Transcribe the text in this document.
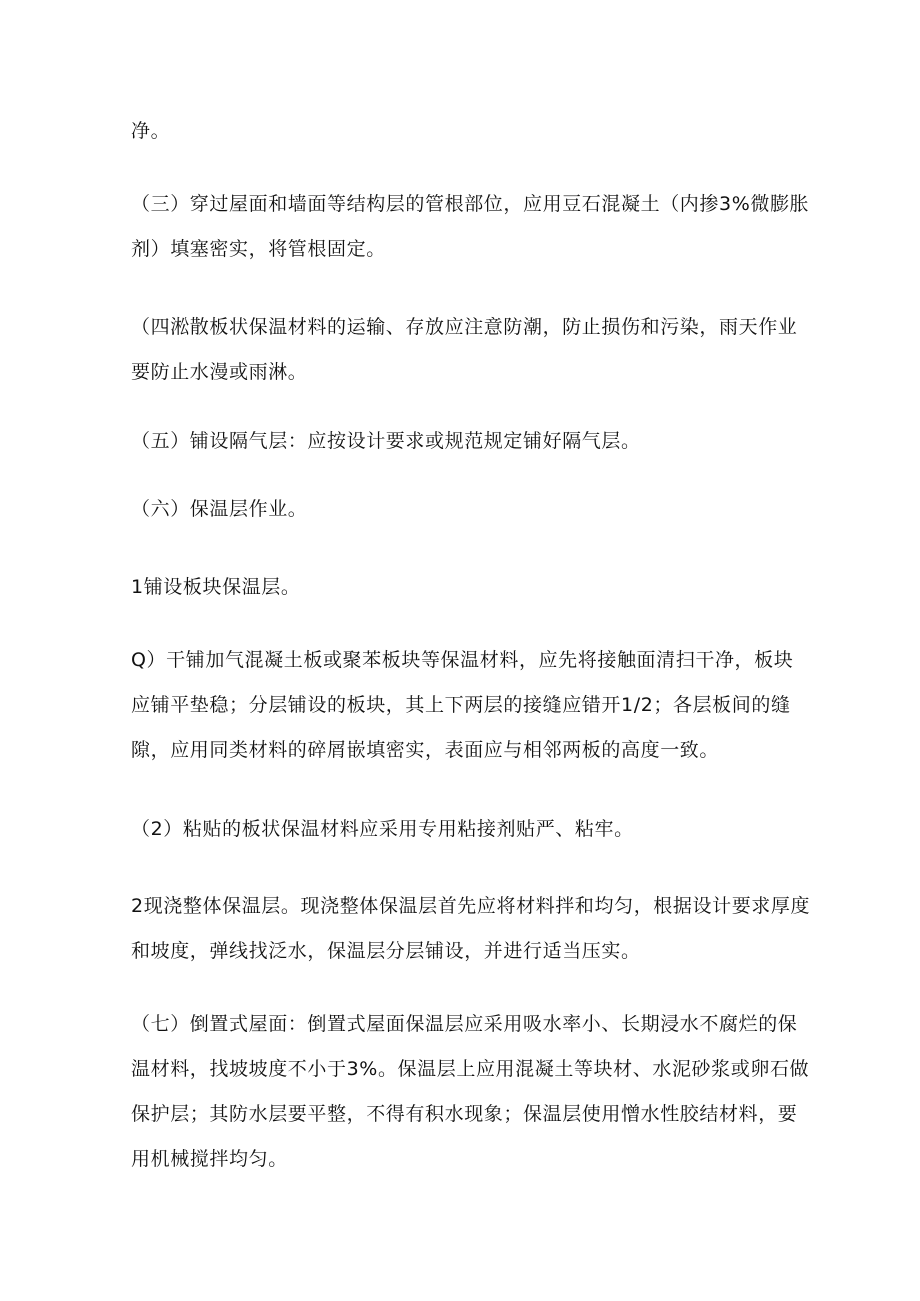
净。

（三）穿过屋面和墙面等结构层的管根部位，应用豆石混凝土（内掺3%微膨胀剂）填塞密实，将管根固定。

（四淞散板状保温材料的运输、存放应注意防潮，防止损伤和污染，雨天作业要防止水漫或雨淋。

（五）铺设隔气层：应按设计要求或规范规定铺好隔气层。

（六）保温层作业。

1铺设板块保温层。

Q）干铺加气混凝土板或聚苯板块等保温材料，应先将接触面清扫干净，板块应铺平垫稳；分层铺设的板块，其上下两层的接缝应错开1/2；各层板间的缝隙，应用同类材料的碎屑嵌填密实，表面应与相邻两板的高度一致。

（2）粘贴的板状保温材料应采用专用粘接剂贴严、粘牢。

2现浇整体保温层。现浇整体保温层首先应将材料拌和均匀，根据设计要求厚度和坡度，弹线找泛水，保温层分层铺设，并进行适当压实。

（七）倒置式屋面：倒置式屋面保温层应采用吸水率小、长期浸水不腐烂的保温材料，找坡坡度不小于3%。保温层上应用混凝土等块材、水泥砂浆或卵石做保护层；其防水层要平整，不得有积水现象；保温层使用憎水性胶结材料，要用机械搅拌均匀。
